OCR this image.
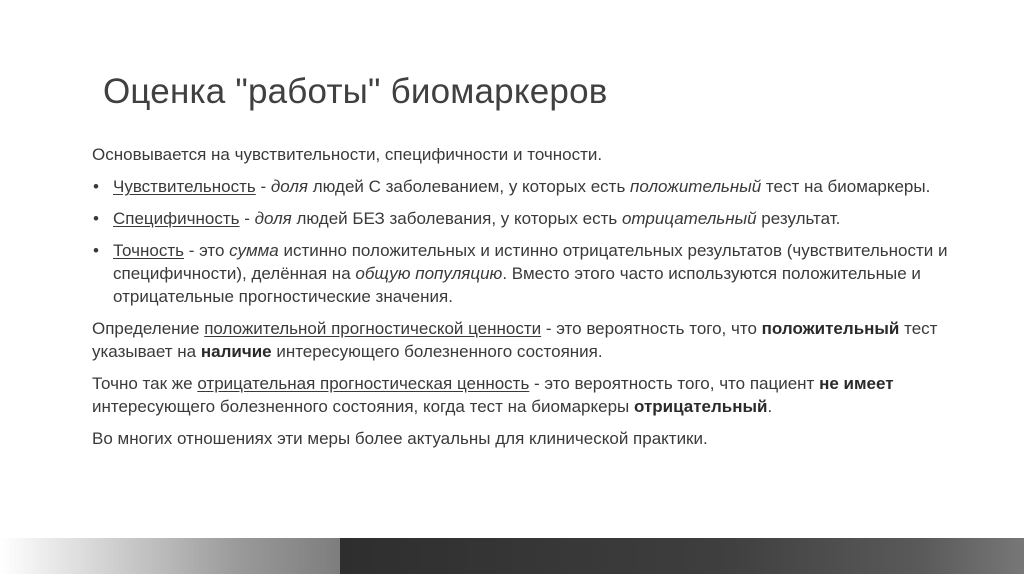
Оценка "работы" биомаркеров

Основывается на чувствительности, специфичности и точности.

• Чувствительность - доля людей С заболеванием, у которых есть положительный тест на биомаркеры.
• Специфичность - доля людей БЕЗ заболевания, у которых есть отрицательный результат.
• Точность - это сумма истинно положительных и истинно отрицательных результатов (чувствительности и специфичности), делённая на общую популяцию. Вместо этого часто используются положительные и отрицательные прогностические значения.

Определение положительной прогностической ценности - это вероятность того, что положительный тест указывает на наличие интересующего болезненного состояния.

Точно так же отрицательная прогностическая ценность - это вероятность того, что пациент не имеет интересующего болезненного состояния, когда тест на биомаркеры отрицательный.

Во многих отношениях эти меры более актуальны для клинической практики.
